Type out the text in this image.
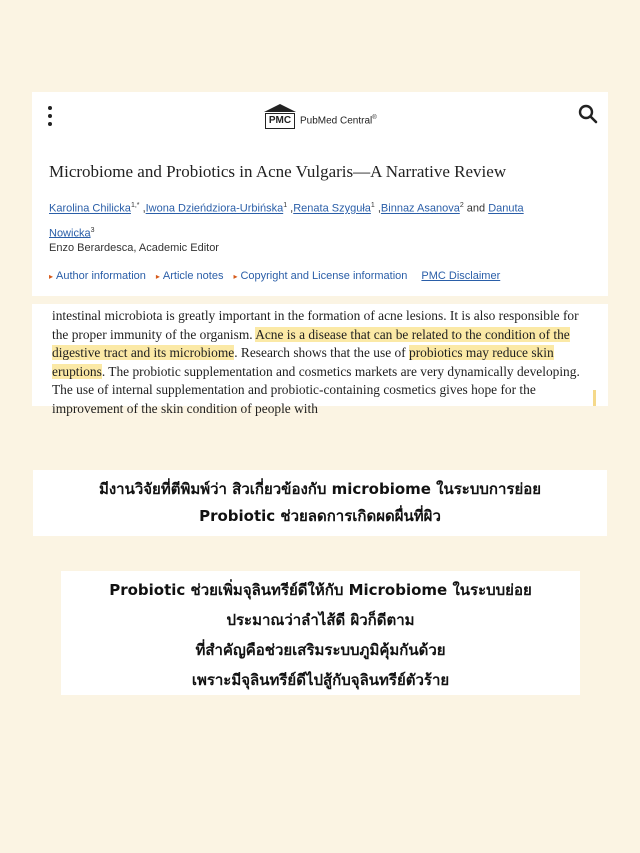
PMC PubMed Central®
Microbiome and Probiotics in Acne Vulgaris—A Narrative Review
Karolina Chilicka$^{1,*}$ ,Iwona Dzieńdziora-Urbińska$^1$ ,Renata Szyguła$^1$ ,Binnaz Asanova$^2$ and Danuta Nowicka$^3$
Enzo Berardesca, Academic Editor
▸ Author information ▸ Article notes ▸ Copyright and License information PMC Disclaimer

intestinal microbiota is greatly important in the formation of acne lesions. It is also responsible for the proper immunity of the organism. Acne is a disease that can be related to the condition of the digestive tract and its microbiome. Research shows that the use of probiotics may reduce skin eruptions. The probiotic supplementation and cosmetics markets are very dynamically developing. The use of internal supplementation and probiotic-containing cosmetics gives hope for the improvement of the skin condition of people with

มีงานวิจัยที่ตีพิมพ์ว่า สิวเกี่ยวข้องกับ microbiome ในระบบการย่อย
Probiotic ช่วยลดการเกิดผดผื่นที่ผิว
Probiotic ช่วยเพิ่มจุลินทรีย์ดีให้กับ Microbiome ในระบบย่อย
ประมาณว่าลำไส้ดี ผิวก็ดีตาม
ที่สำคัญคือช่วยเสริมระบบภูมิคุ้มกันด้วย
เพราะมีจุลินทรีย์ดีไปสู้กับจุลินทรีย์ตัวร้าย
